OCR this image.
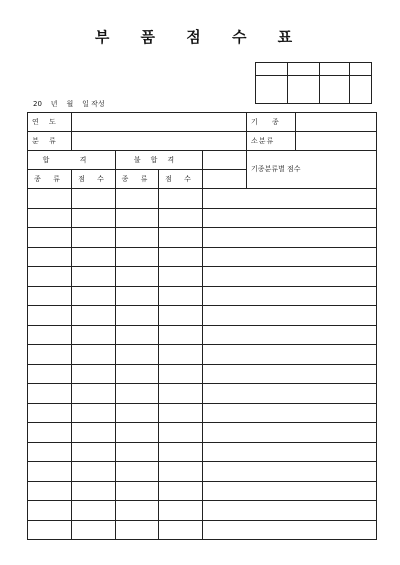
부 품 점 수 표

20    년    월    일 작성
연 도					기 종

분 류					소분류

합 격		불합격			기종분류별 점수
종 류	점 수	종 류	점 수		
